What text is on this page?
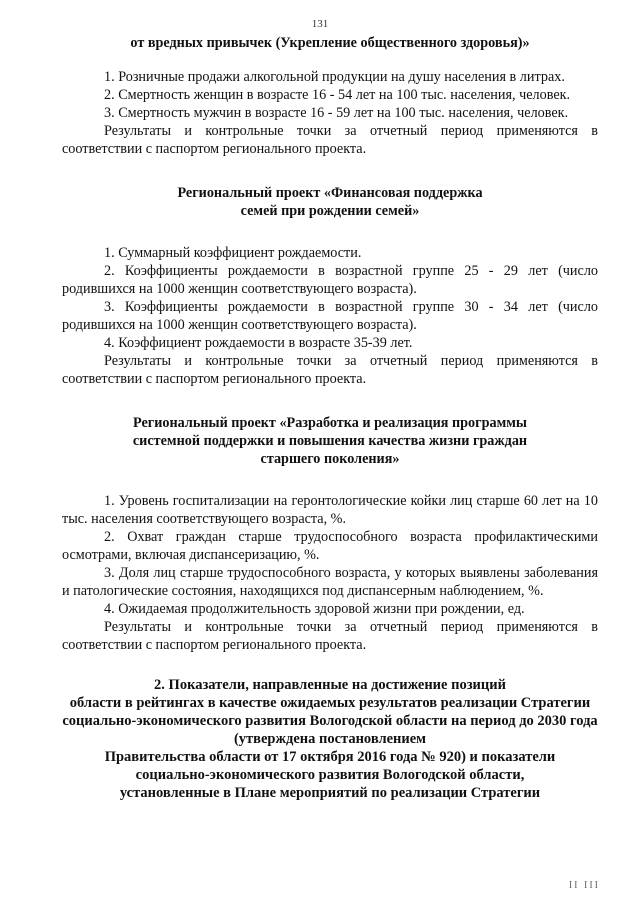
131

от вредных привычек (Укрепление общественного здоровья)»

1. Розничные продажи алкогольной продукции на душу населения в литрах.

2. Смертность женщин в возрасте 16 - 54 лет на 100 тыс. населения, человек.

3. Смертность мужчин в возрасте 16 - 59 лет на 100 тыс. населения, человек.

Результаты и контрольные точки за отчетный период применяются в соответствии с паспортом регионального проекта.

Региональный проект «Финансовая поддержка
семей при рождении семей»

1. Суммарный коэффициент рождаемости.

2. Коэффициенты рождаемости в возрастной группе 25 - 29 лет (число родившихся на 1000 женщин соответствующего возраста).

3. Коэффициенты рождаемости в возрастной группе 30 - 34 лет (число родившихся на 1000 женщин соответствующего возраста).

4. Коэффициент рождаемости в возрасте 35-39 лет.

Результаты и контрольные точки за отчетный период применяются в соответствии с паспортом регионального проекта.

Региональный проект «Разработка и реализация программы
системной поддержки и повышения качества жизни граждан
старшего поколения»

1. Уровень госпитализации на геронтологические койки лиц старше 60 лет на 10 тыс. населения соответствующего возраста, %.

2. Охват граждан старше трудоспособного возраста профилактическими осмотрами, включая диспансеризацию, %.

3. Доля лиц старше трудоспособного возраста, у которых выявлены заболевания и патологические состояния, находящихся под диспансерным наблюдением, %.

4. Ожидаемая продолжительность здоровой жизни при рождении, ед.

Результаты и контрольные точки за отчетный период применяются в соответствии с паспортом регионального проекта.

2. Показатели, направленные на достижение позиций
области в рейтингах в качестве ожидаемых результатов реализации Стратегии социально-экономического развития Вологодской области на период до 2030 года (утверждена постановлением
Правительства области от 17 октября 2016 года № 920) и показатели
социально-экономического развития Вологодской области,
установленные в Плане мероприятий по реализации Стратегии
II III
